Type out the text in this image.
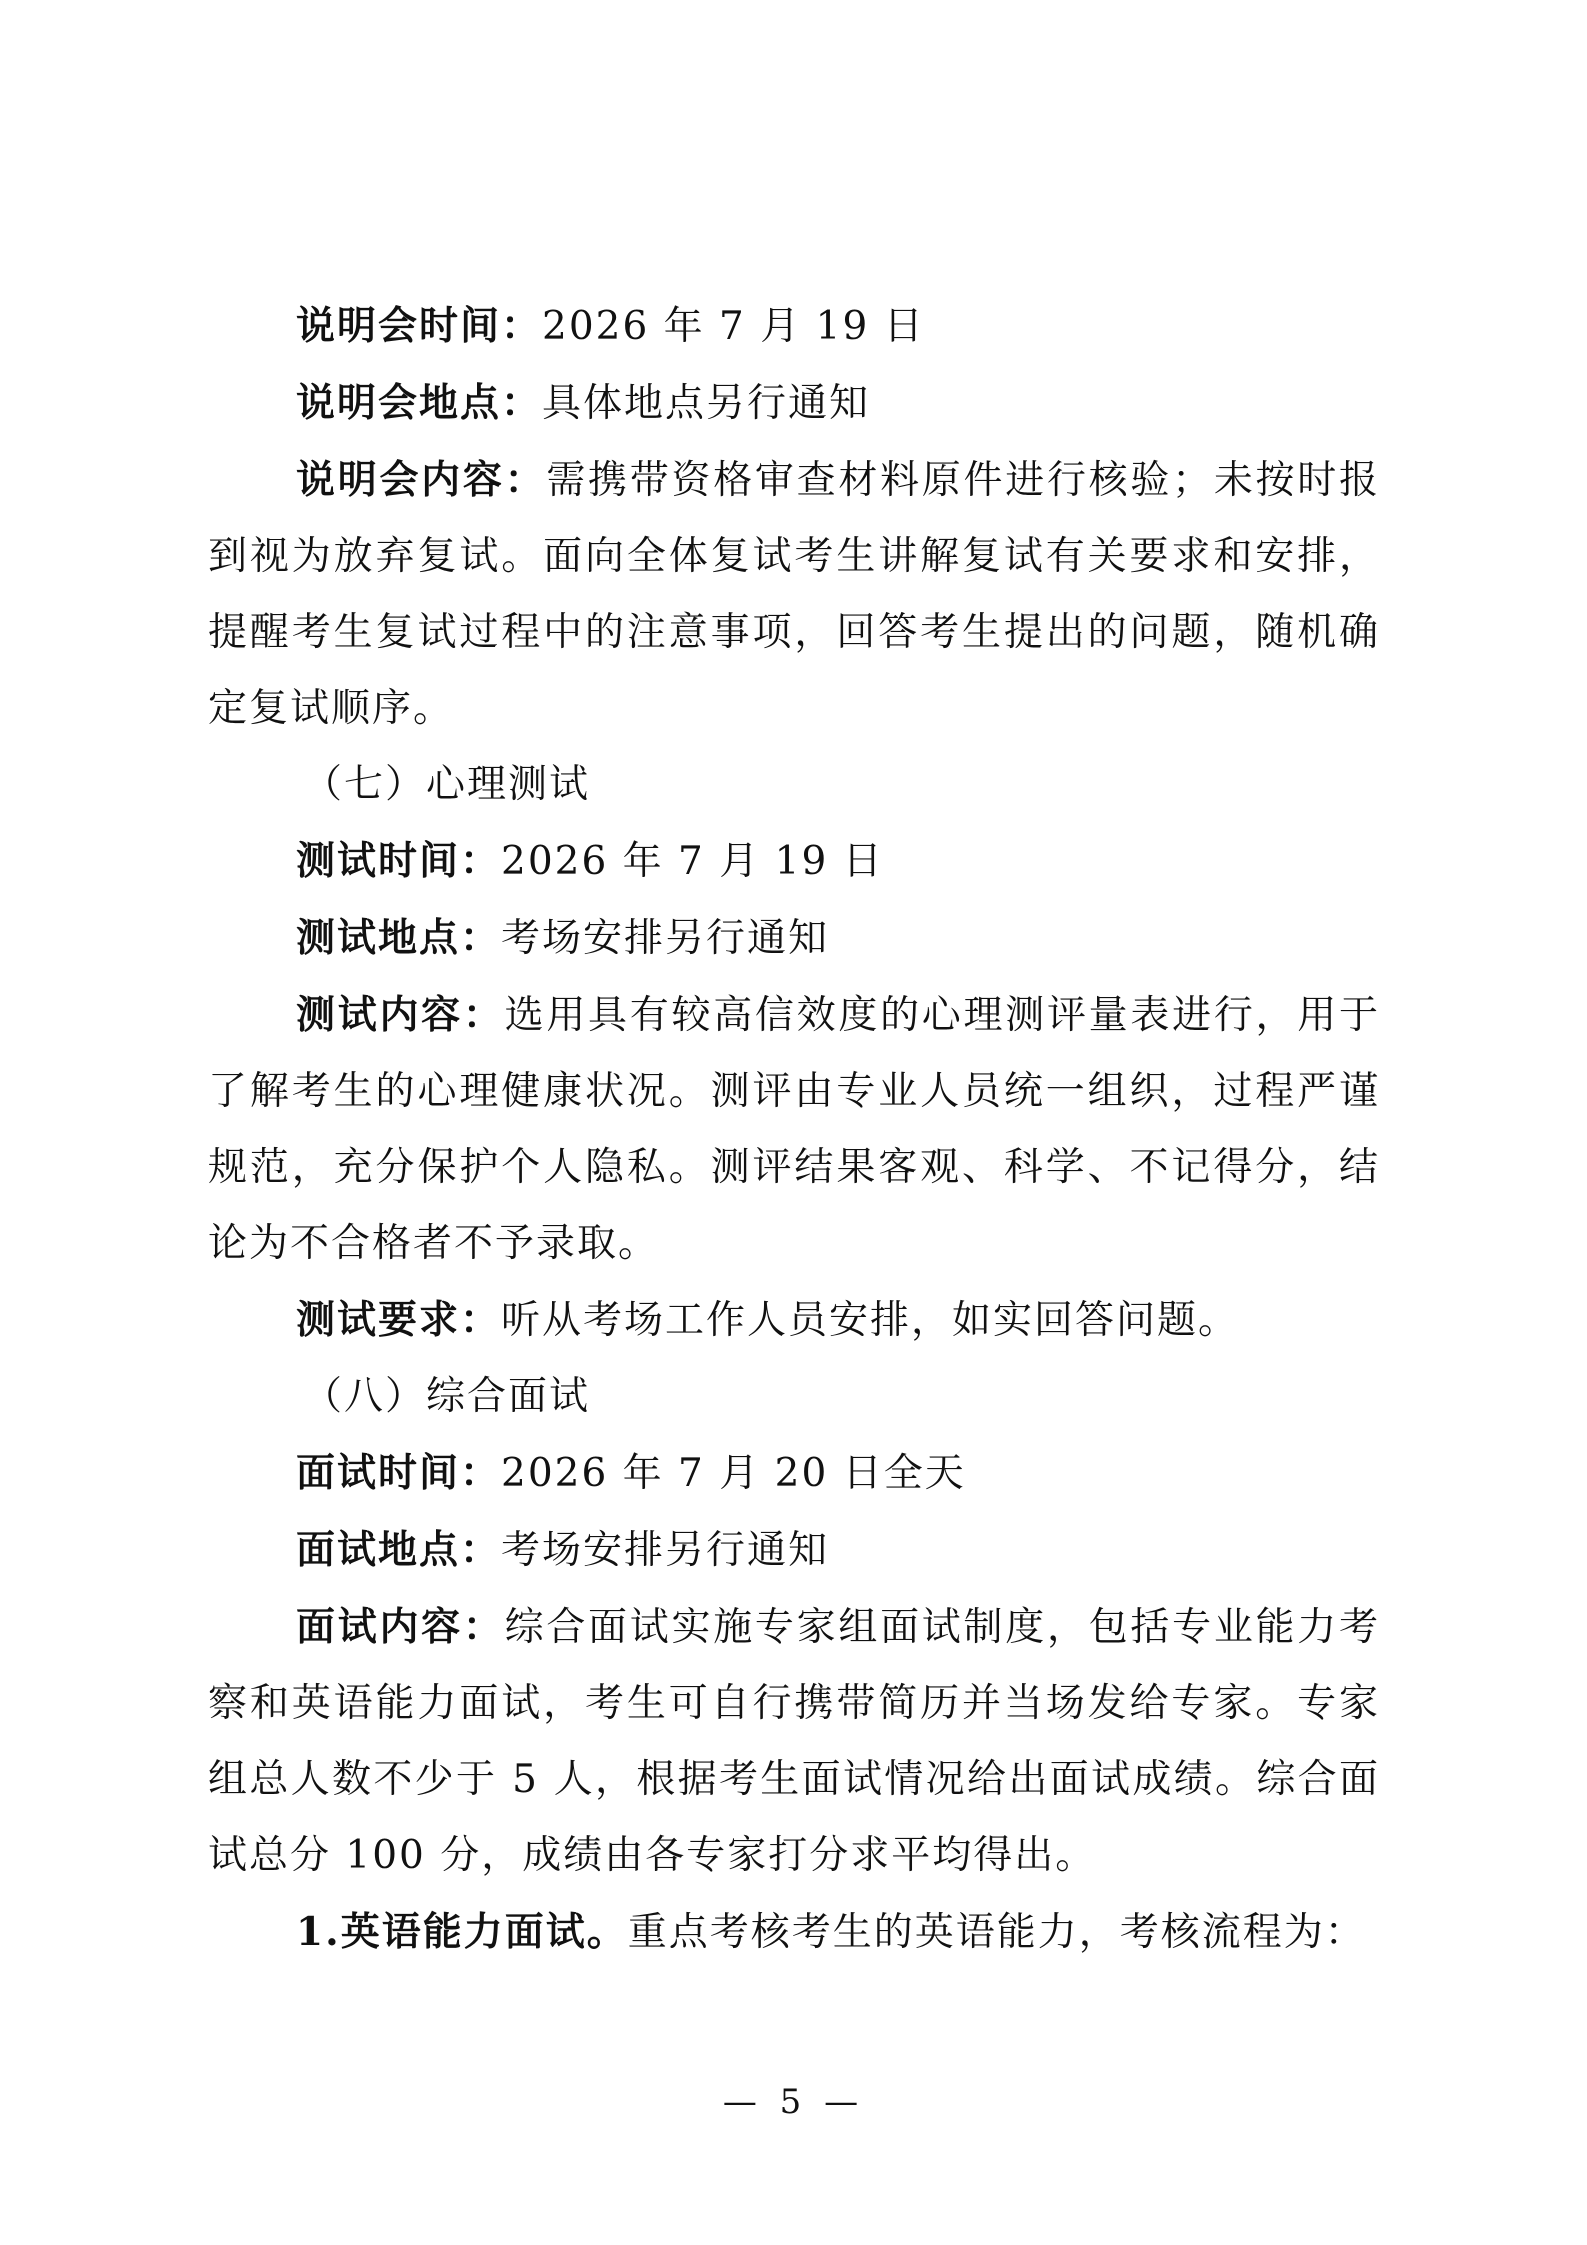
说明会时间：2026 年 7 月 19 日
说明会地点：具体地点另行通知
说明会内容：需携带资格审查材料原件进行核验；未按时报到视为放弃复试。面向全体复试考生讲解复试有关要求和安排，提醒考生复试过程中的注意事项，回答考生提出的问题，随机确定复试顺序。
（七）心理测试
测试时间：2026 年 7 月 19 日
测试地点：考场安排另行通知
测试内容：选用具有较高信效度的心理测评量表进行，用于了解考生的心理健康状况。测评由专业人员统一组织，过程严谨规范，充分保护个人隐私。测评结果客观、科学、不记得分，结论为不合格者不予录取。
测试要求：听从考场工作人员安排，如实回答问题。
（八）综合面试
面试时间：2026 年 7 月 20 日全天
面试地点：考场安排另行通知
面试内容：综合面试实施专家组面试制度，包括专业能力考察和英语能力面试，考生可自行携带简历并当场发给专家。专家组总人数不少于 5 人，根据考生面试情况给出面试成绩。综合面试总分 100 分，成绩由各专家打分求平均得出。
1.英语能力面试。重点考核考生的英语能力，考核流程为：
— 5 —
